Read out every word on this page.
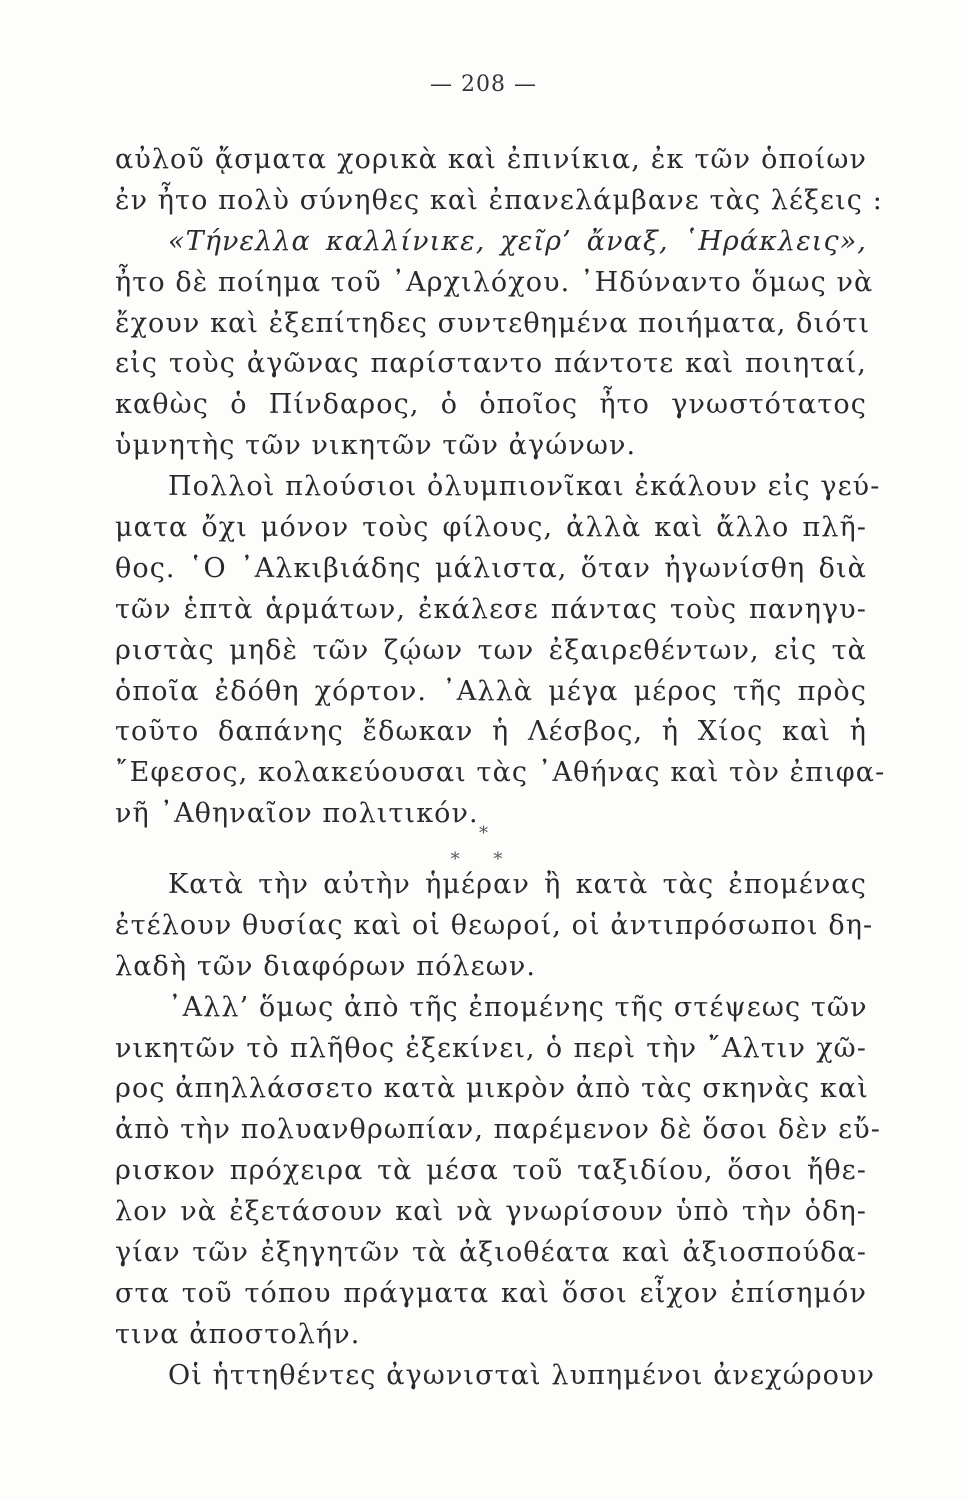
— 208 —
αὐλοῦ ᾄσματα χορικὰ καὶ ἐπινίκια, ἐκ τῶν ὁποίων
ἐν ἦτο πολὺ σύνηθες καὶ ἐπανελάμβανε τὰς λέξεις :
«Τήνελλα καλλίνικε, χεῖρ’ ἄναξ, ῾Ηράκλεις»,
ἦτο δὲ ποίημα τοῦ ᾿Αρχιλόχου. ᾿Ηδύναντο ὅμως νὰ
ἔχουν καὶ ἐξεπίτηδες συντεθημένα ποιήματα, διότι
εἰς τοὺς ἀγῶνας παρίσταντο πάντοτε καὶ ποιηταί,
καθὼς ὁ Πίνδαρος, ὁ ὁποῖος ἦτο γνωστότατος
ὑμνητὴς τῶν νικητῶν τῶν ἀγώνων.
Πολλοὶ πλούσιοι ὀλυμπιονῖκαι ἐκάλουν εἰς γεύ-
ματα ὄχι μόνον τοὺς φίλους, ἀλλὰ καὶ ἄλλο πλῆ-
θος. ῾Ο ᾿Αλκιβιάδης μάλιστα, ὅταν ἠγωνίσθη διὰ
τῶν ἑπτὰ ἁρμάτων, ἐκάλεσε πάντας τοὺς πανηγυ-
ριστὰς μηδὲ τῶν ζῴων των ἐξαιρεθέντων, εἰς τὰ
ὁποῖα ἐδόθη χόρτον. ᾿Αλλὰ μέγα μέρος τῆς πρὸς
τοῦτο δαπάνης ἔδωκαν ἡ Λέσβος, ἡ Χίος καὶ ἡ
῎Εφεσος, κολακεύουσαι τὰς ᾿Αθήνας καὶ τὸν ἐπιφα-
νῆ ᾿Αθηναῖον πολιτικόν.
*
* *
Κατὰ τὴν αὐτὴν ἡμέραν ἢ κατὰ τὰς ἐπομένας
ἐτέλουν θυσίας καὶ οἱ θεωροί, οἱ ἀντιπρόσωποι δη-
λαδὴ τῶν διαφόρων πόλεων.
᾿Αλλ’ ὅμως ἀπὸ τῆς ἐπομένης τῆς στέψεως τῶν
νικητῶν τὸ πλῆθος ἐξεκίνει, ὁ περὶ τὴν ῎Αλτιν χῶ-
ρος ἀπηλλάσσετο κατὰ μικρὸν ἀπὸ τὰς σκηνὰς καὶ
ἀπὸ τὴν πολυανθρωπίαν, παρέμενον δὲ ὅσοι δὲν εὔ-
ρισκον πρόχειρα τὰ μέσα τοῦ ταξιδίου, ὅσοι ἤθε-
λον νὰ ἐξετάσουν καὶ νὰ γνωρίσουν ὑπὸ τὴν ὁδη-
γίαν τῶν ἐξηγητῶν τὰ ἀξιοθέατα καὶ ἀξιοσπούδα-
στα τοῦ τόπου πράγματα καὶ ὅσοι εἶχον ἐπίσημόν
τινα ἀποστολήν.
Οἱ ἡττηθέντες ἀγωνισταὶ λυπημένοι ἀνεχώρουν
